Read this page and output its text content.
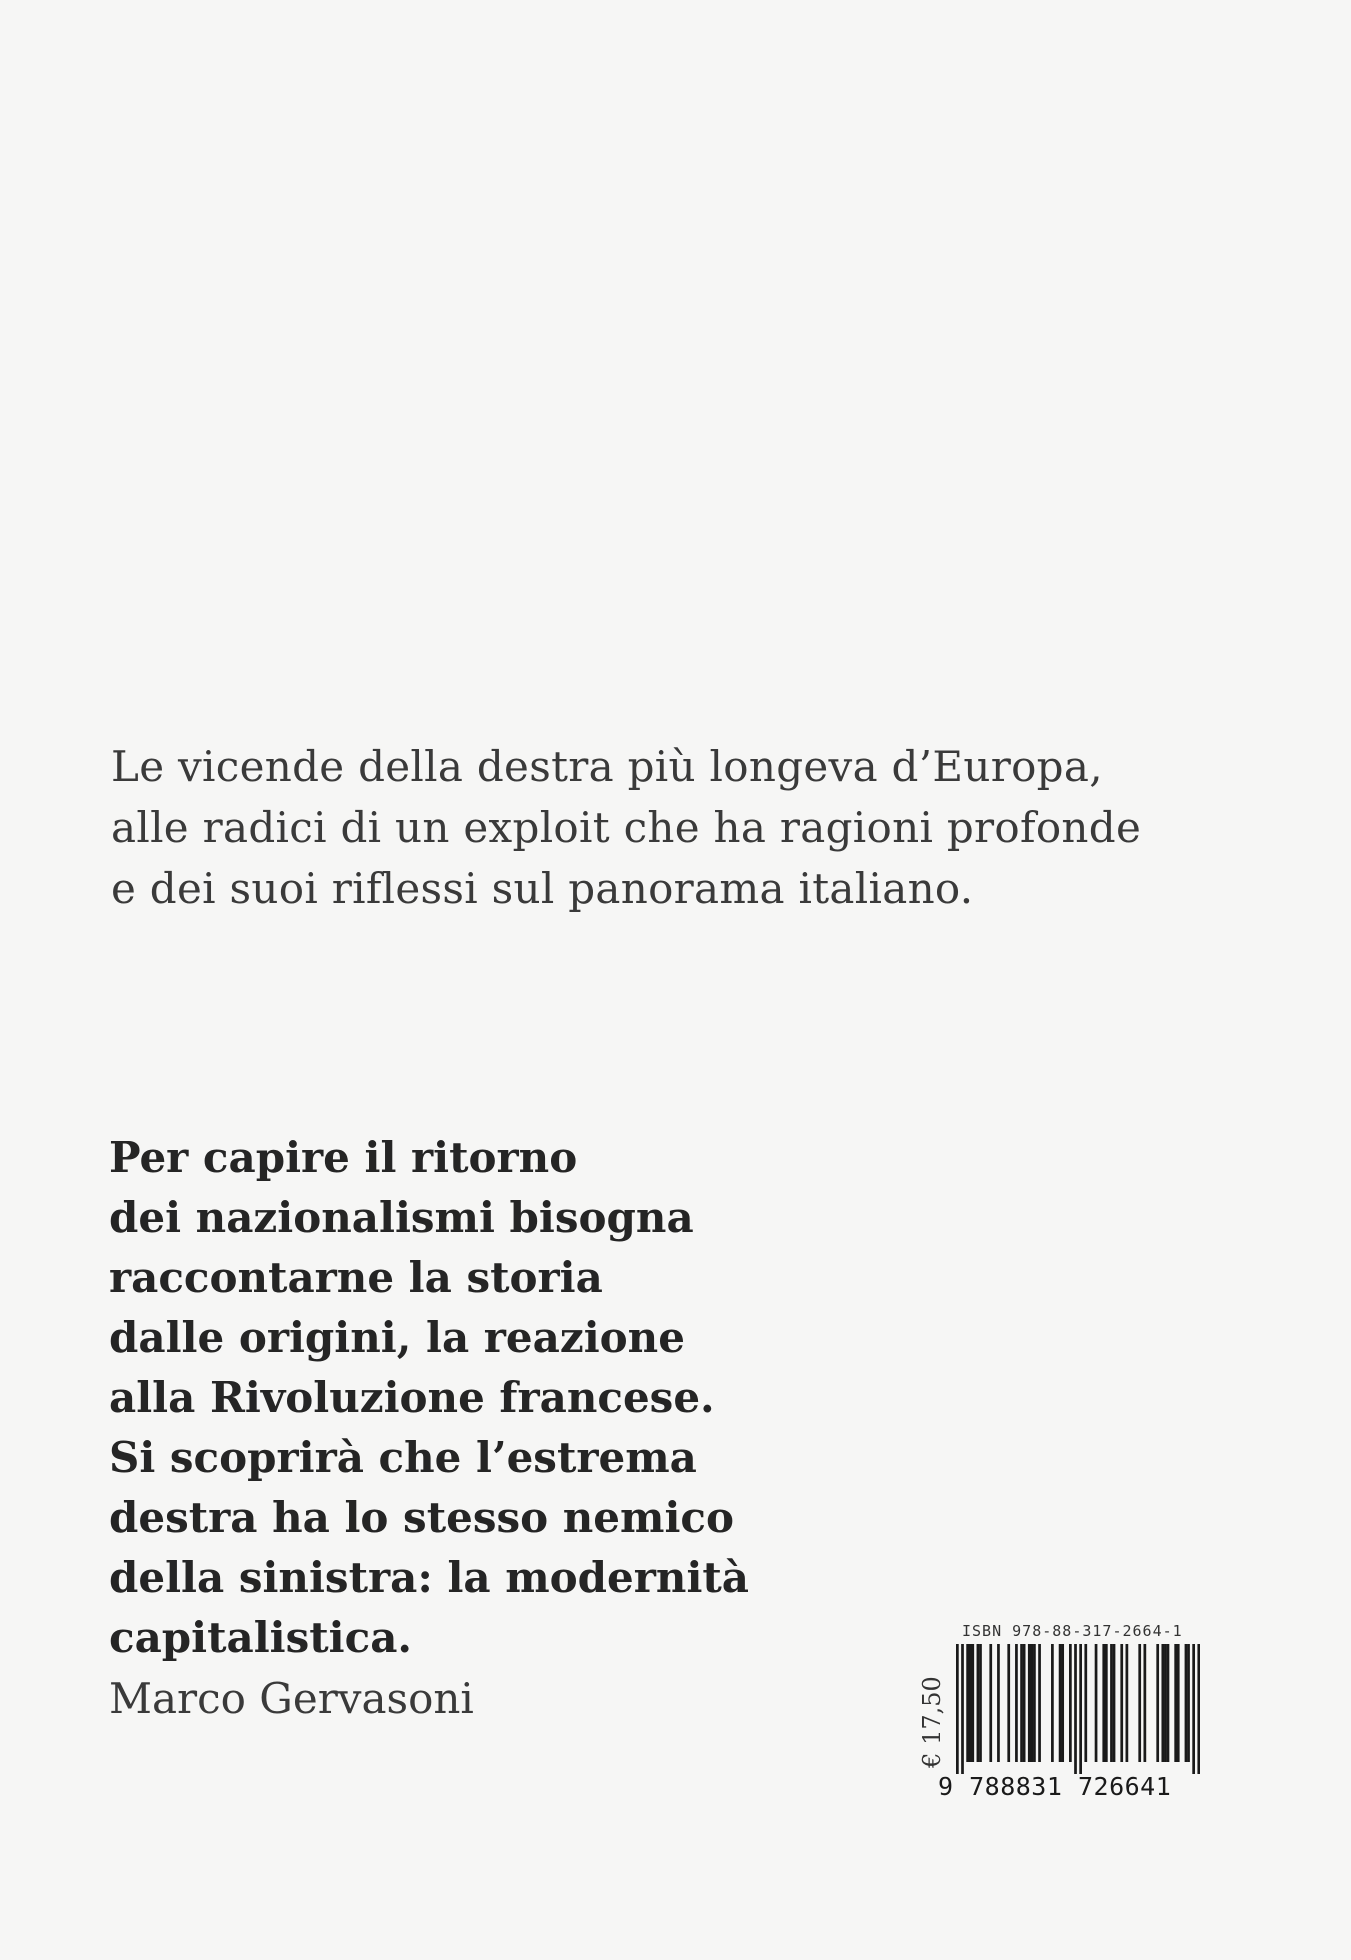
Le vicende della destra più longeva d’Europa,
alle radici di un exploit che ha ragioni profonde
e dei suoi riflessi sul panorama italiano.
Per capire il ritorno
dei nazionalismi bisogna
raccontarne la storia
dalle origini, la reazione
alla Rivoluzione francese.
Si scoprirà che l’estrema
destra ha lo stesso nemico
della sinistra: la modernità
capitalistica.
Marco Gervasoni
ISBN 978-88-317-2664-1
€ 17,50
9 788831 726641
